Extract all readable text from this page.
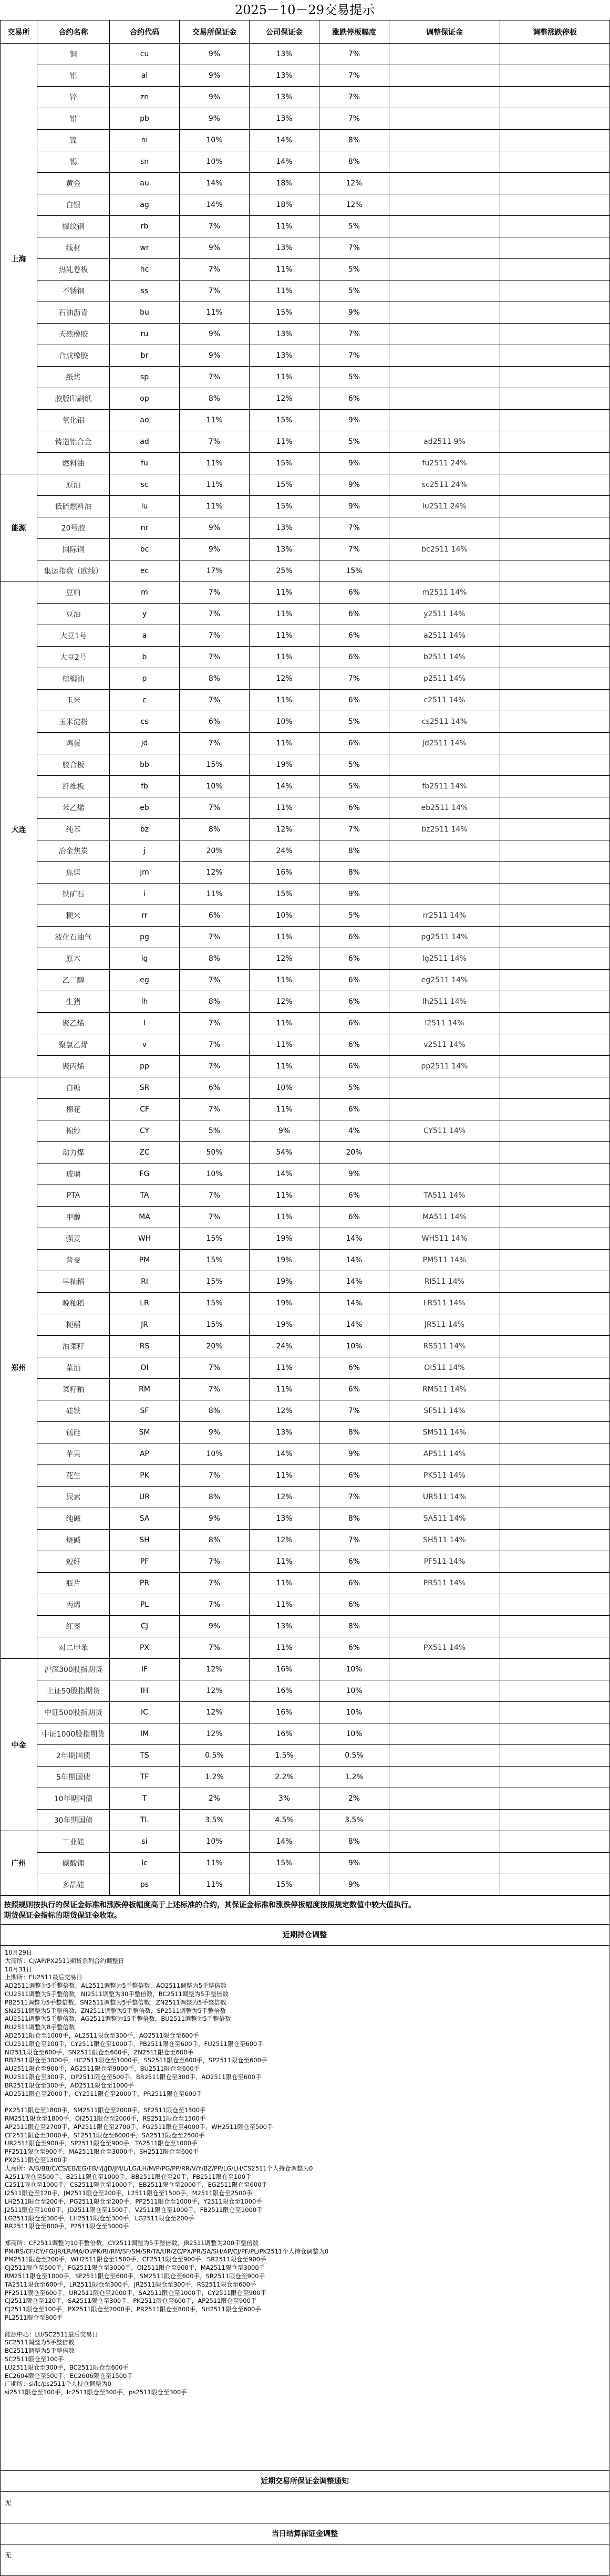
2025－10－29交易提示
交易所	合约名称	合约代码	交易所保证金	公司保证金	涨跌停板幅度	调整保证金	调整涨跌停板
上海	铜	cu	9%	13%	7%		
	铝	al	9%	13%	7%		
	锌	zn	9%	13%	7%		
	铅	pb	9%	13%	7%		
	镍	ni	10%	14%	8%		
	锡	sn	10%	14%	8%		
	黄金	au	14%	18%	12%		
	白银	ag	14%	18%	12%		
	螺纹钢	rb	7%	11%	5%		
	线材	wr	9%	13%	7%		
	热轧卷板	hc	7%	11%	5%		
	不锈钢	ss	7%	11%	5%		
	石油沥青	bu	11%	15%	9%		
	天然橡胶	ru	9%	13%	7%		
	合成橡胶	br	9%	13%	7%		
	纸浆	sp	7%	11%	5%		
	胶版印刷纸	op	8%	12%	6%		
	氧化铝	ao	11%	15%	9%		
	铸造铝合金	ad	7%	11%	5%	ad2511 9%	
	燃料油	fu	11%	15%	9%	fu2511 24%	
能源	原油	sc	11%	15%	9%	sc2511 24%	
	低硫燃料油	lu	11%	15%	9%	lu2511 24%	
	20号胶	nr	9%	13%	7%		
	国际铜	bc	9%	13%	7%	bc2511 14%	
	集运指数（欧线）	ec	17%	25%	15%		
大连	豆粕	m	7%	11%	6%	m2511 14%	
	豆油	y	7%	11%	6%	y2511 14%	
	大豆1号	a	7%	11%	6%	a2511 14%	
	大豆2号	b	7%	11%	6%	b2511 14%	
	棕榈油	p	8%	12%	7%	p2511 14%	
	玉米	c	7%	11%	6%	c2511 14%	
	玉米淀粉	cs	6%	10%	5%	cs2511 14%	
	鸡蛋	jd	7%	11%	6%	jd2511 14%	
	胶合板	bb	15%	19%	5%		
	纤维板	fb	10%	14%	5%	fb2511 14%	
	苯乙烯	eb	7%	11%	6%	eb2511 14%	
	纯苯	bz	8%	12%	7%	bz2511 14%	
	冶金焦炭	j	20%	24%	8%		
	焦煤	jm	12%	16%	8%		
	铁矿石	i	11%	15%	9%		
	粳米	rr	6%	10%	5%	rr2511 14%	
	液化石油气	pg	7%	11%	6%	pg2511 14%	
	原木	lg	8%	12%	6%	lg2511 14%	
	乙二醇	eg	7%	11%	6%	eg2511 14%	
	生猪	lh	8%	12%	6%	lh2511 14%	
	聚乙烯	l	7%	11%	6%	l2511 14%	
	聚氯乙烯	v	7%	11%	6%	v2511 14%	
	聚丙烯	pp	7%	11%	6%	pp2511 14%	
郑州	白糖	SR	6%	10%	5%		
	棉花	CF	7%	11%	6%		
	棉纱	CY	5%	9%	4%	CY511 14%	
	动力煤	ZC	50%	54%	20%		
	玻璃	FG	10%	14%	9%		
	PTA	TA	7%	11%	6%	TA511 14%	
	甲醇	MA	7%	11%	6%	MA511 14%	
	强麦	WH	15%	19%	14%	WH511 14%	
	普麦	PM	15%	19%	14%	PM511 14%	
	早籼稻	RI	15%	19%	14%	RI511 14%	
	晚籼稻	LR	15%	19%	14%	LR511 14%	
	粳稻	JR	15%	19%	14%	JR511 14%	
	油菜籽	RS	20%	24%	10%	RS511 14%	
	菜油	OI	7%	11%	6%	OI511 14%	
	菜籽粕	RM	7%	11%	6%	RM511 14%	
	硅铁	SF	8%	12%	7%	SF511 14%	
	锰硅	SM	9%	13%	8%	SM511 14%	
	苹果	AP	10%	14%	9%	AP511 14%	
	花生	PK	7%	11%	6%	PK511 14%	
	尿素	UR	8%	12%	7%	UR511 14%	
	纯碱	SA	9%	13%	8%	SA511 14%	
	烧碱	SH	8%	12%	7%	SH511 14%	
	短纤	PF	7%	11%	6%	PF511 14%	
	瓶片	PR	7%	11%	6%	PR511 14%	
	丙烯	PL	7%	11%	6%		
	红枣	CJ	9%	13%	8%		
	对二甲苯	PX	7%	11%	6%	PX511 14%	
中金	沪深300股指期货	IF	12%	16%	10%		
	上证50股指期货	IH	12%	16%	10%		
	中证500股指期货	IC	12%	16%	10%		
	中证1000股指期货	IM	12%	16%	10%		
	2年期国债	TS	0.5%	1.5%	0.5%		
	5年期国债	TF	1.2%	2.2%	1.2%		
	10年期国债	T	2%	3%	2%		
	30年期国债	TL	3.5%	4.5%	3.5%		
广州	工业硅	si	10%	14%	8%		
	碳酸锂	lc	11%	15%	9%		
	多晶硅	ps	11%	15%	9%		
按照规则按执行的保证金标准和涨跌停板幅度高于上述标准的合约，其保证金标准和涨跌停板幅度按照规定数值中较大值执行。
期货保证金指标的期货保证金收取。
近期持仓调整
10月29日
大商所：CJ/AP/PX2511期货系列合约调整日
10月31日
上期所：FU2511最后交易日
AD2511调整为5手整倍数，AL2511调整为5手整倍数，AO2511调整为5手整倍数
CU2511调整为5手整倍数，NI2511调整为30手整倍数，BC2511调整为5手整倍数
PB2511调整为5手整倍数，SN2511调整为5手整倍数，ZN2511调整为5手整倍数
SN2511调整为5手整倍数，ZN2511调整为5手整倍数，SP2511调整为5手整倍数
AU2511调整为5手整倍数，AG2511调整为15手整倍数，BU2511调整为5手整倍数
RU2511调整为8手整倍数
AD2511限仓至1000手，AL2511限仓至300手，AO2511限仓至600手
CU2511限仓至100手，CY2511限仓至1000手，PB2511限仓至600手，FU2511限仓至600手
NI2511限仓至600手，SN2511限仓至600手，ZN2511限仓至600手
RB2511限仓至3000手，HC2511限仓至1000手，SS2511限仓至600手，SP2511限仓至600手
AU2511限仓至900手，AG2511限仓至9000手，BU2511限仓至600手
RU2511限仓至300手，OP2511限仓至500手，BR2511限仓至300手，AO2511限仓至600手
BR2511限仓至300手，AD2511限仓至1000手
AD2511限仓至2000手，CY2511限仓至2000手，PR2511限仓至600手

PX2511限仓至1800手，SM2511限仓至2000手，SF2511限仓至1500手
RM2511限仓至1800手，OI2511限仓至2000手，RS2511限仓至1500手
AP2511限仓至2700手，AP2511限仓至2700手，FG2511限仓至4000手，WH2511限仓至500手
CF2511限仓至3000手，SF2511限仓至6000手，SA2511限仓至2500手
UR2511限仓至900手，SP2511限仓至900手，TA2511限仓至1000手
PF2511限仓至900手，MA2511限仓至3000手，SH2511限仓至600手
PX2511限仓至1300手
大商所：A/B/BB/C/CS/EB/EG/FB/I/J/JD/JM/L/LG/LH/M/P/PG/PP/RR/V/Y/BZ/PP/LG/LH/CS2511个人持仓调整为0
A2511限仓至500手，B2511限仓至1000手，BB2511限仓至20手，FB2511限仓至100手
C2511限仓至1000手，CS2511限仓至1000手，EB2511限仓至2000手，EG2511限仓至600手
I2511限仓至120手，JM2511限仓至200手，L2511限仓至1500手，M2511限仓至2500手
LH2511限仓至200手，PG2511限仓至200手，PP2511限仓至1000手，Y2511限仓至1000手
J2511限仓至1000手，JD2511限仓至1500手，V2511限仓至1000手，FB2511限仓至1000手
LG2511限仓至300手，LH2511限仓至300手，LG2511限仓至200手
RR2511限仓至800手，P2511限仓至3000手

郑商所：CF2511调整为10手整倍数，CY2511调整为5手整倍数，JR2511调整为200手整倍数
PM/RS/CF/CY/FG/JR/LR/MA/OI/PK/RI/RM/SF/SM/SR/TA/UR/ZC/PX/PR/SA/SH/AP/CJ/PF/PL/PK2511个人持仓调整为0
PM2511限仓至200手，WH2511限仓至1500手，CF2511限仓至900手，SR2511限仓至900手
CJ2511限仓至500手，FG2511限仓至3000手，OI2511限仓至900手，MA2511限仓至3000手
RM2511限仓至1000手，SF2511限仓至600手，SM2511限仓至600手，SR2511限仓至900手
TA2511限仓至600手，LR2511限仓至300手，JR2511限仓至300手，RS2511限仓至600手
PF2511限仓至600手，UR2511限仓至2000手，SA2511限仓至1000手，CY2511限仓至900手
CJ2511限仓至120手，SA2511限仓至300手，PK2511限仓至600手，AP2511限仓至900手
CJ2511限仓至100手，PX2511限仓至2000手，PR2511限仓至800手，SH2511限仓至600手
PL2511限仓至800手

能源中心：LU/SC2511最后交易日
SC2511调整为5手整倍数
BC2511调整为5手整倍数
SC2511限仓至100手
LU2511限仓至300手，BC2511限仓至600手
EC2604限仓至500手，EC2606限仓至1500手
广期所：si/lc/ps2511个人持仓调整为0
si2511限仓至100手，lc2511限仓至300手，ps2511限仓至300手
近期交易所保证金调整通知
无
当日结算保证金调整
无
